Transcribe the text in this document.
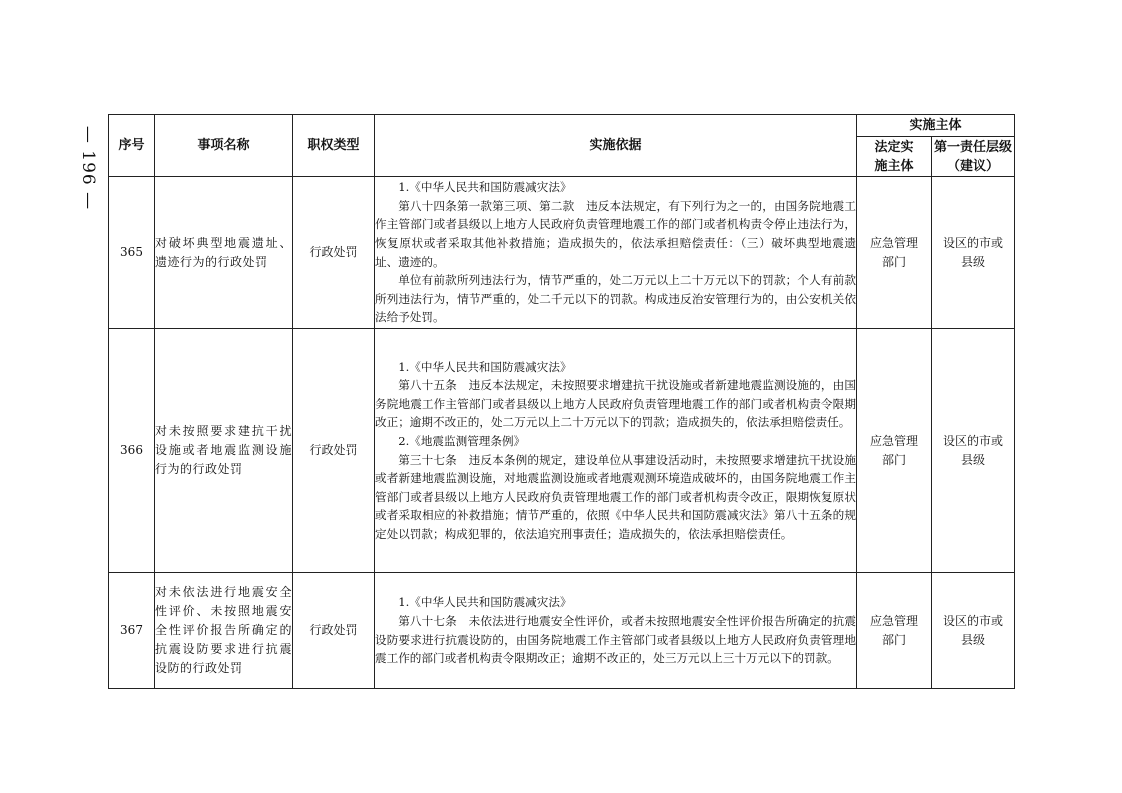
— 196 — 序号	事项名称	职权类型	实施依据	实施主体	

				法定实施主体	第一责任层级（建议）

365	对破坏典型地震遗址、遗迹行为的行政处罚	行政处罚	1.《中华人民共和国防震减灾法》

第八十四条第一款第三项、第二款　违反本法规定，有下列行为之一的，由国务院地震工作主管部门或者县级以上地方人民政府负责管理地震工作的部门或者机构责令停止违法行为，恢复原状或者采取其他补救措施；造成损失的，依法承担赔偿责任：（三）破坏典型地震遗址、遗迹的。

单位有前款所列违法行为，情节严重的，处二万元以上二十万元以下的罚款；个人有前款所列违法行为，情节严重的，处二千元以下的罚款。构成违反治安管理行为的，由公安机关依法给予处罚。	应急管理部门	设区的市或县级

366	对未按照要求建抗干扰设施或者地震监测设施行为的行政处罚	行政处罚	1.《中华人民共和国防震减灾法》

第八十五条　违反本法规定，未按照要求增建抗干扰设施或者新建地震监测设施的，由国务院地震工作主管部门或者县级以上地方人民政府负责管理地震工作的部门或者机构责令限期改正；逾期不改正的，处二万元以上二十万元以下的罚款；造成损失的，依法承担赔偿责任。

2.《地震监测管理条例》

第三十七条　违反本条例的规定，建设单位从事建设活动时，未按照要求增建抗干扰设施或者新建地震监测设施，对地震监测设施或者地震观测环境造成破坏的，由国务院地震工作主管部门或者县级以上地方人民政府负责管理地震工作的部门或者机构责令改正，限期恢复原状或者采取相应的补救措施；情节严重的，依照《中华人民共和国防震减灾法》第八十五条的规定处以罚款；构成犯罪的，依法追究刑事责任；造成损失的，依法承担赔偿责任。	应急管理部门	设区的市或县级

367	对未依法进行地震安全性评价、未按照地震安全性评价报告所确定的抗震设防要求进行抗震设防的行政处罚	行政处罚	1.《中华人民共和国防震减灾法》

第八十七条　未依法进行地震安全性评价，或者未按照地震安全性评价报告所确定的抗震设防要求进行抗震设防的，由国务院地震工作主管部门或者县级以上地方人民政府负责管理地震工作的部门或者机构责令限期改正；逾期不改正的，处三万元以上三十万元以下的罚款。	应急管理部门	设区的市或县级
